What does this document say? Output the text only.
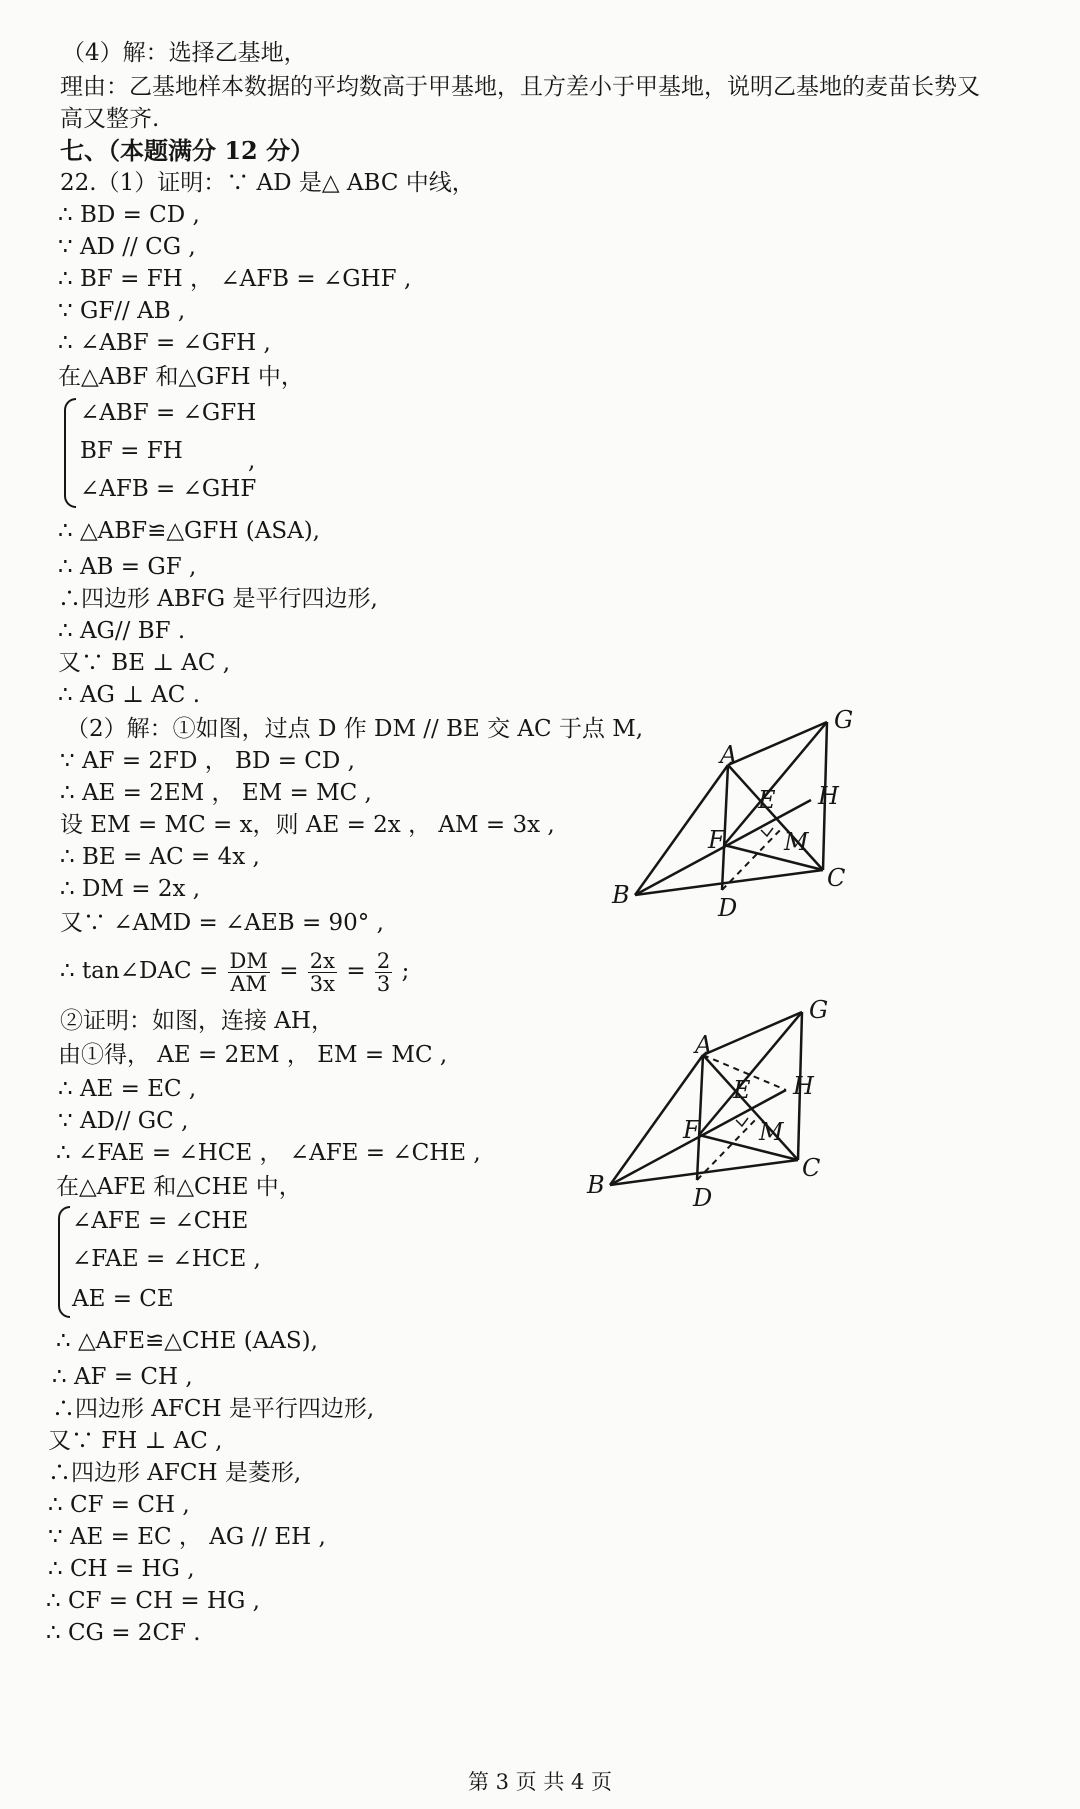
（4）解：选择乙基地，
理由：乙基地样本数据的平均数高于甲基地，且方差小于甲基地，说明乙基地的麦苗长势又
高又整齐.
七、（本题满分 12 分）
22.（1）证明：∵ AD 是△ ABC 中线，
∴ BD = CD ,
∵ AD // CG ,
∴ BF = FH ， ∠AFB = ∠GHF ,
∵ GF// AB ,
∴ ∠ABF = ∠GFH ,
在△ABF 和△GFH 中，
∠ABF = ∠GFH
BF = FH	,
∠AFB = ∠GHF
∴ △ABF≌△GFH (ASA),
∴ AB = GF ,
∴四边形 ABFG 是平行四边形,
∴ AG// BF .
又∵ BE ⊥ AC ,
∴ AG ⊥ AC .
（2）解：①如图，过点 D 作 DM // BE 交 AC 于点 M,
∵ AF = 2FD ， BD = CD ,
∴ AE = 2EM ， EM = MC ,
设 EM = MC = x，则 AE = 2x ， AM = 3x ,
∴ BE = AC = 4x ,
∴ DM = 2x ,
又∵ ∠AMD = ∠AEB = 90° ,
∴ tan∠DAC = $\frac{DM}{AM} = \frac{2x}{3x} = \frac{2}{3}$ ;
②证明：如图，连接 AH，
由①得， AE = 2EM ， EM = MC ,
∴ AE = EC ,
∵ AD// GC ,
∴ ∠FAE = ∠HCE ， ∠AFE = ∠CHE ,
在△AFE 和△CHE 中，
∠AFE = ∠CHE
∠FAE = ∠HCE ,
AE = CE
∴ △AFE≌△CHE (AAS),
∴ AF = CH ,
∴四边形 AFCH 是平行四边形,
又∵ FH ⊥ AC ,
∴四边形 AFCH 是菱形,
∴ CF = CH ,
∵ AE = EC ， AG // EH ,
∴ CH = HG ,
∴ CF = CH = HG ,
∴ CG = 2CF .
A
B
C
D
E
F
G
H
M
A
B
C
D
E
F
G
H
M
第 3 页 共 4 页
